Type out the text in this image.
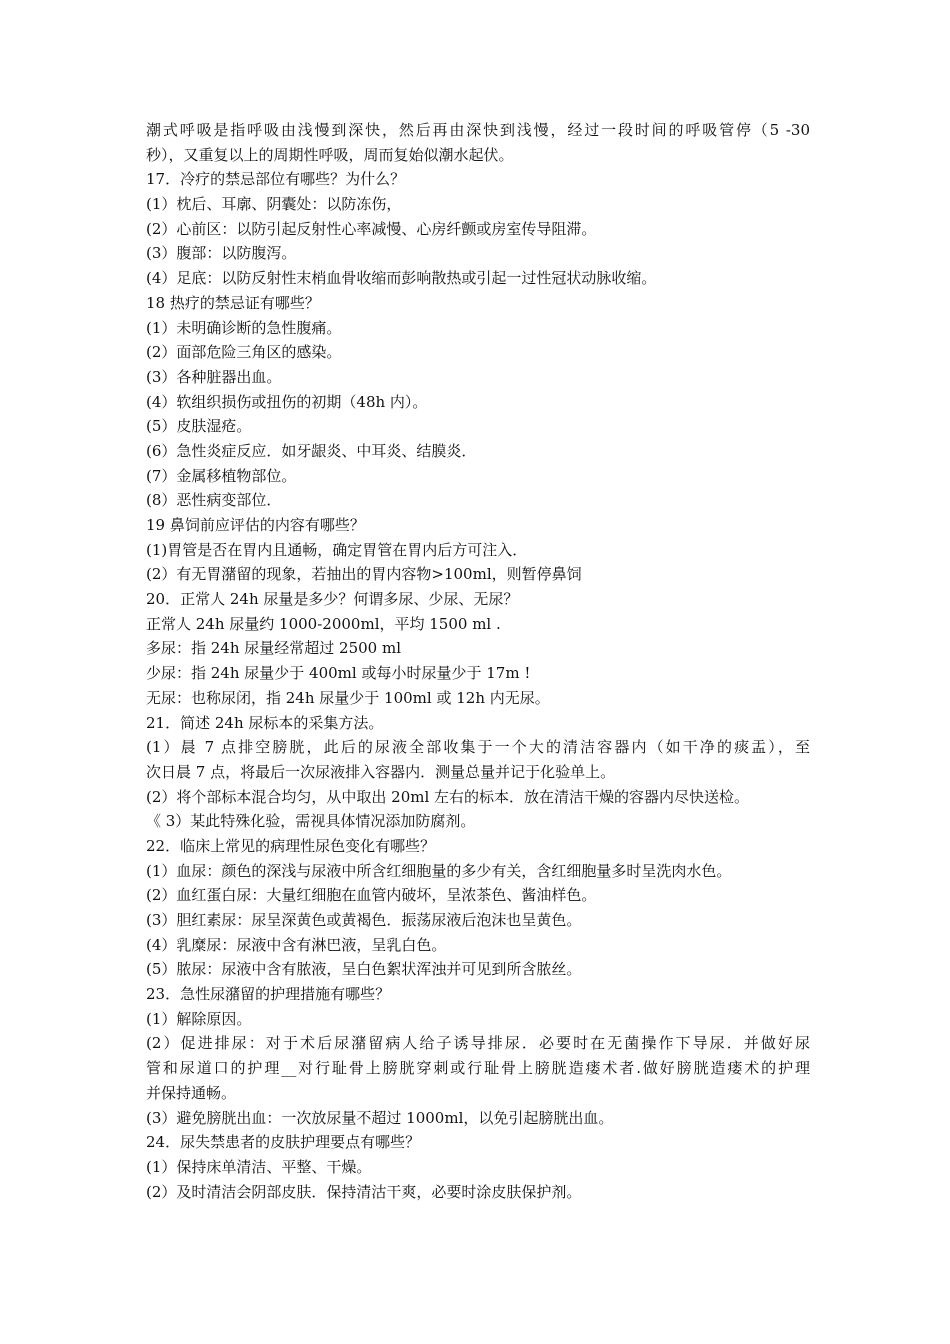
潮式呼吸是指呼吸由浅慢到深快，然后再由深快到浅慢，经过一段时间的呼吸管停（5 -30
秒），又重复以上的周期性呼吸，周而复始似潮水起伏。
17．冷疗的禁忌部位有哪些？为什么？
(1）枕后、耳廓、阴囊处：以防冻伤，
(2）心前区：以防引起反射性心率减慢、心房纤颤或房室传导阻滞。
(3）腹部：以防腹泻。
(4）足底：以防反射性末梢血骨收缩而彭响散热或引起一过性冠状动脉收缩。
18 热疗的禁忌证有哪些？
(1）未明确诊断的急性腹痛。
(2）面部危险三角区的感染。
(3）各种脏器出血。
(4）软组织损伤或扭伤的初期（48h 内）。
(5）皮肤湿疮。
(6）急性炎症反应．如牙龈炎、中耳炎、结膜炎．
(7）金属移植物部位。
(8）恶性病变部位．
19 鼻饲前应评估的内容有哪些？
(1)胃管是否在胃内且通畅，确定胃管在胃内后方可注入．
(2）有无胃潴留的现象，若抽出的胃内容物>100ml，则暂停鼻饲
20．正常人 24h 尿量是多少？何谓多尿、少尿、无尿？
正常人 24h 尿量约 1000-2000ml，平均 1500 ml .
多尿：指 24h 尿量经常超过 2500 ml
少尿：指 24h 尿量少于 400ml 或每小时尿量少于 17m !
无尿：也称尿闭，指 24h 尿量少于 100ml 或 12h 内无尿。
21．简述 24h 尿标本的采集方法。
(1）晨 7 点排空膀胱，此后的尿液全部收集于一个大的清洁容器内（如干净的痰盂），至
次日晨 7 点，将最后一次尿液排入容器内．测量总量并记于化验单上。
(2）将个部标本混合均匀，从中取出 20ml 左右的标本．放在清洁干燥的容器内尽快送检。
《 3）某此特殊化验，需视具体情况添加防腐剂。
22．临床上常见的病理性尿色变化有哪些？
(1）血尿：颜色的深浅与尿液中所含红细胞量的多少有关，含红细胞量多时呈洗肉水色。
(2）血红蛋白尿：大量红细胞在血管内破坏，呈浓茶色、酱油样色。
(3）胆红素尿：尿呈深黄色或黄褐色．振荡尿液后泡沫也呈黄色。
(4）乳糜尿：尿液中含有淋巴液，呈乳白色。
(5）脓尿：尿液中含有脓液，呈白色絮状浑浊并可见到所含脓丝。
23．急性尿潴留的护理措施有哪些？
(1）解除原因。
(2）促进排尿：对于术后尿潴留病人给子诱导排尿．必要时在无菌操作下导尿．并做好尿
管和尿道口的护理__对行耻骨上膀胱穿刺或行耻骨上膀胱造瘘术者.做好膀胱造瘘术的护理
并保持通畅。
(3）避免膀胱出血：一次放尿量不超过 1000ml，以免引起膀胱出血。
24．尿失禁患者的皮肤护理要点有哪些？
(1）保持床单清洁、平整、干燥。
(2）及时清洁会阴部皮肤．保持清沽干爽，必要时涂皮肤保护剂。
